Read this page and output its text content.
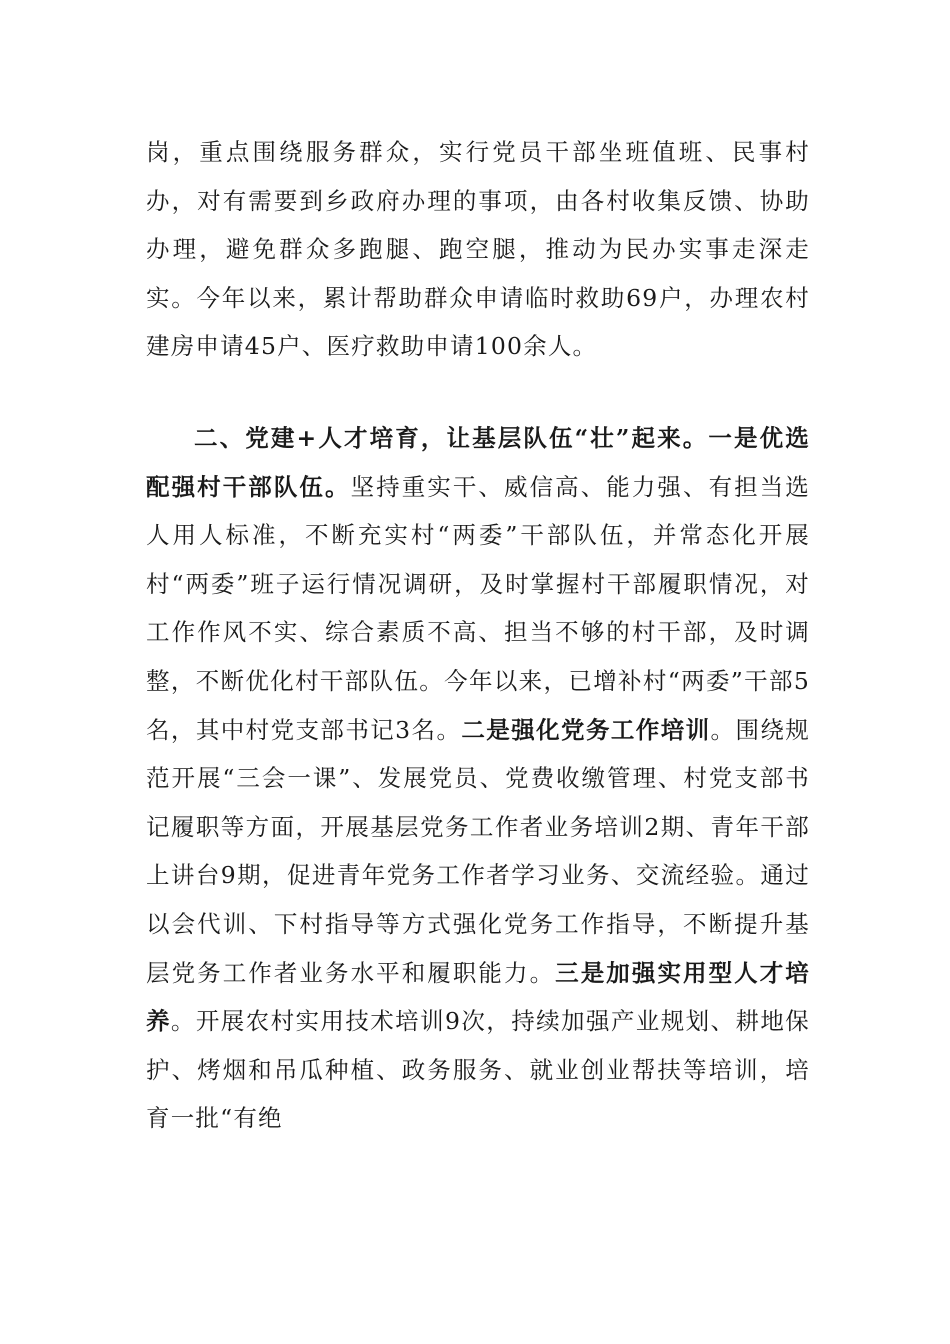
岗，重点围绕服务群众，实行党员干部坐班值班、民事村办，对有需要到乡政府办理的事项，由各村收集反馈、协助办理，避免群众多跑腿、跑空腿，推动为民办实事走深走实。今年以来，累计帮助群众申请临时救助69户，办理农村建房申请45户、医疗救助申请100余人。

二、党建+人才培育，让基层队伍“壮”起来。一是优选配强村干部队伍。坚持重实干、威信高、能力强、有担当选人用人标准，不断充实村“两委”干部队伍，并常态化开展村“两委”班子运行情况调研，及时掌握村干部履职情况，对工作作风不实、综合素质不高、担当不够的村干部，及时调整，不断优化村干部队伍。今年以来，已增补村“两委”干部5名，其中村党支部书记3名。二是强化党务工作培训。围绕规范开展“三会一课”、发展党员、党费收缴管理、村党支部书记履职等方面，开展基层党务工作者业务培训2期、青年干部上讲台9期，促进青年党务工作者学习业务、交流经验。通过以会代训、下村指导等方式强化党务工作指导，不断提升基层党务工作者业务水平和履职能力。三是加强实用型人才培养。开展农村实用技术培训9次，持续加强产业规划、耕地保护、烤烟和吊瓜种植、政务服务、就业创业帮扶等培训，培育一批“有绝
